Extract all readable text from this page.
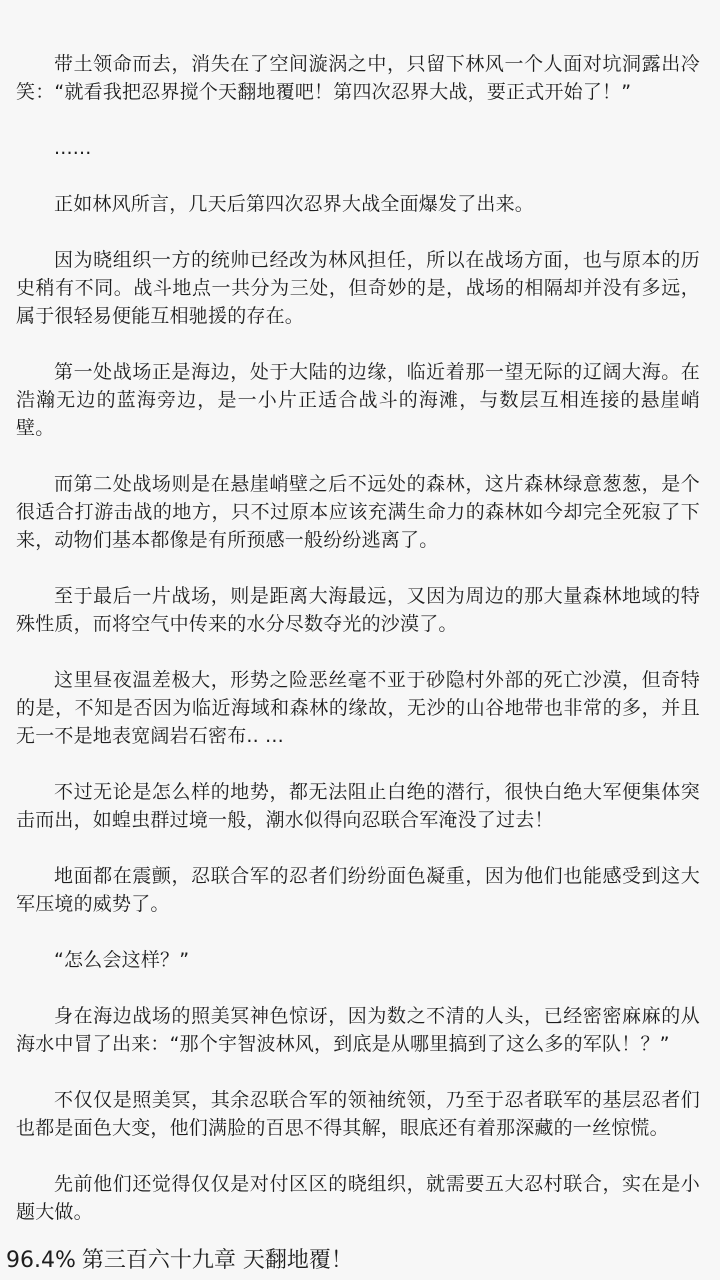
带土领命而去，消失在了空间漩涡之中，只留下林风一个人面对坑洞露出冷笑：“就看我把忍界搅个天翻地覆吧！第四次忍界大战，要正式开始了！”

......

正如林风所言，几天后第四次忍界大战全面爆发了出来。

因为晓组织一方的统帅已经改为林风担任，所以在战场方面，也与原本的历史稍有不同。战斗地点一共分为三处，但奇妙的是，战场的相隔却并没有多远，属于很轻易便能互相驰援的存在。

第一处战场正是海边，处于大陆的边缘，临近着那一望无际的辽阔大海。在浩瀚无边的蓝海旁边，是一小片正适合战斗的海滩，与数层互相连接的悬崖峭壁。

而第二处战场则是在悬崖峭壁之后不远处的森林，这片森林绿意葱葱，是个很适合打游击战的地方，只不过原本应该充满生命力的森林如今却完全死寂了下来，动物们基本都像是有所预感一般纷纷逃离了。

至于最后一片战场，则是距离大海最远，又因为周边的那大量森林地域的特殊性质，而将空气中传来的水分尽数夺光的沙漠了。

这里昼夜温差极大，形势之险恶丝毫不亚于砂隐村外部的死亡沙漠，但奇特的是，不知是否因为临近海域和森林的缘故，无沙的山谷地带也非常的多，并且无一不是地表宽阔岩石密布.. ...

不过无论是怎么样的地势，都无法阻止白绝的潜行，很快白绝大军便集体突击而出，如蝗虫群过境一般，潮水似得向忍联合军淹没了过去！

地面都在震颤，忍联合军的忍者们纷纷面色凝重，因为他们也能感受到这大军压境的威势了。

“怎么会这样？”

身在海边战场的照美冥神色惊讶，因为数之不清的人头，已经密密麻麻的从海水中冒了出来：“那个宇智波林风，到底是从哪里搞到了这么多的军队！？”

不仅仅是照美冥，其余忍联合军的领袖统领，乃至于忍者联军的基层忍者们也都是面色大变，他们满脸的百思不得其解，眼底还有着那深藏的一丝惊慌。

先前他们还觉得仅仅是对付区区的晓组织，就需要五大忍村联合，实在是小题大做。

96.4% 第三百六十九章 天翻地覆！
